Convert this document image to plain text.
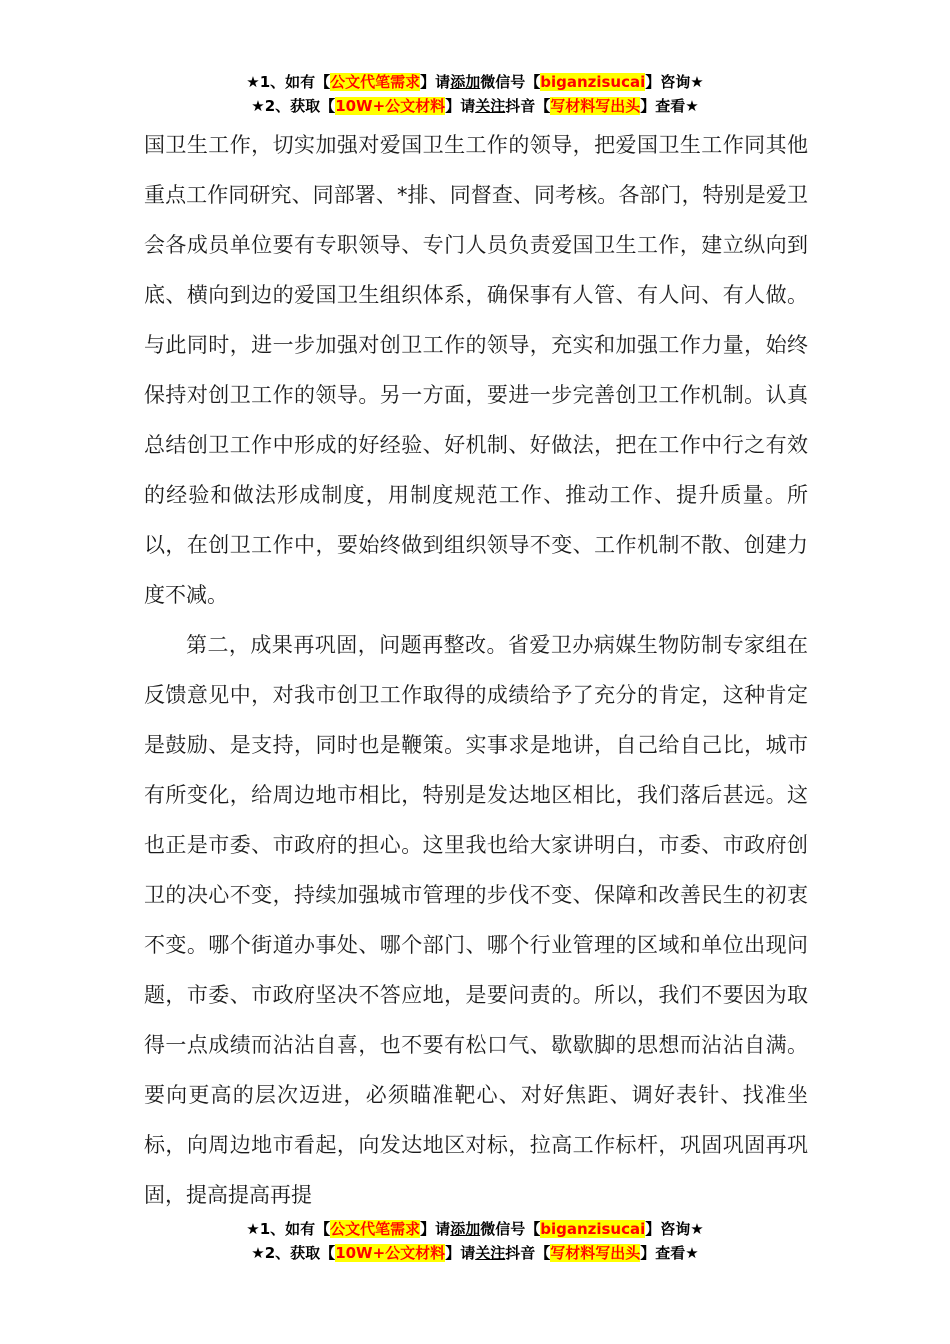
★1、如有【公文代笔需求】请添加微信号【biganzisucai】咨询★
★2、获取【10W+公文材料】请关注抖音【写材料写出头】查看★

国卫生工作，切实加强对爱国卫生工作的领导，把爱国卫生工作同其他重点工作同研究、同部署、*排、同督查、同考核。各部门，特别是爱卫会各成员单位要有专职领导、专门人员负责爱国卫生工作，建立纵向到底、横向到边的爱国卫生组织体系，确保事有人管、有人问、有人做。与此同时，进一步加强对创卫工作的领导，充实和加强工作力量，始终保持对创卫工作的领导。另一方面，要进一步完善创卫工作机制。认真总结创卫工作中形成的好经验、好机制、好做法，把在工作中行之有效的经验和做法形成制度，用制度规范工作、推动工作、提升质量。所以，在创卫工作中，要始终做到组织领导不变、工作机制不散、创建力度不减。

第二，成果再巩固，问题再整改。省爱卫办病媒生物防制专家组在反馈意见中，对我市创卫工作取得的成绩给予了充分的肯定，这种肯定是鼓励、是支持，同时也是鞭策。实事求是地讲，自己给自己比，城市有所变化，给周边地市相比，特别是发达地区相比，我们落后甚远。这也正是市委、市政府的担心。这里我也给大家讲明白，市委、市政府创卫的决心不变，持续加强城市管理的步伐不变、保障和改善民生的初衷不变。哪个街道办事处、哪个部门、哪个行业管理的区域和单位出现问题，市委、市政府坚决不答应地，是要问责的。所以，我们不要因为取得一点成绩而沾沾自喜，也不要有松口气、歇歇脚的思想而沾沾自满。要向更高的层次迈进，必须瞄准靶心、对好焦距、调好表针、找准坐标，向周边地市看起，向发达地区对标，拉高工作标杆，巩固巩固再巩固，提高提高再提

★1、如有【公文代笔需求】请添加微信号【biganzisucai】咨询★
★2、获取【10W+公文材料】请关注抖音【写材料写出头】查看★
